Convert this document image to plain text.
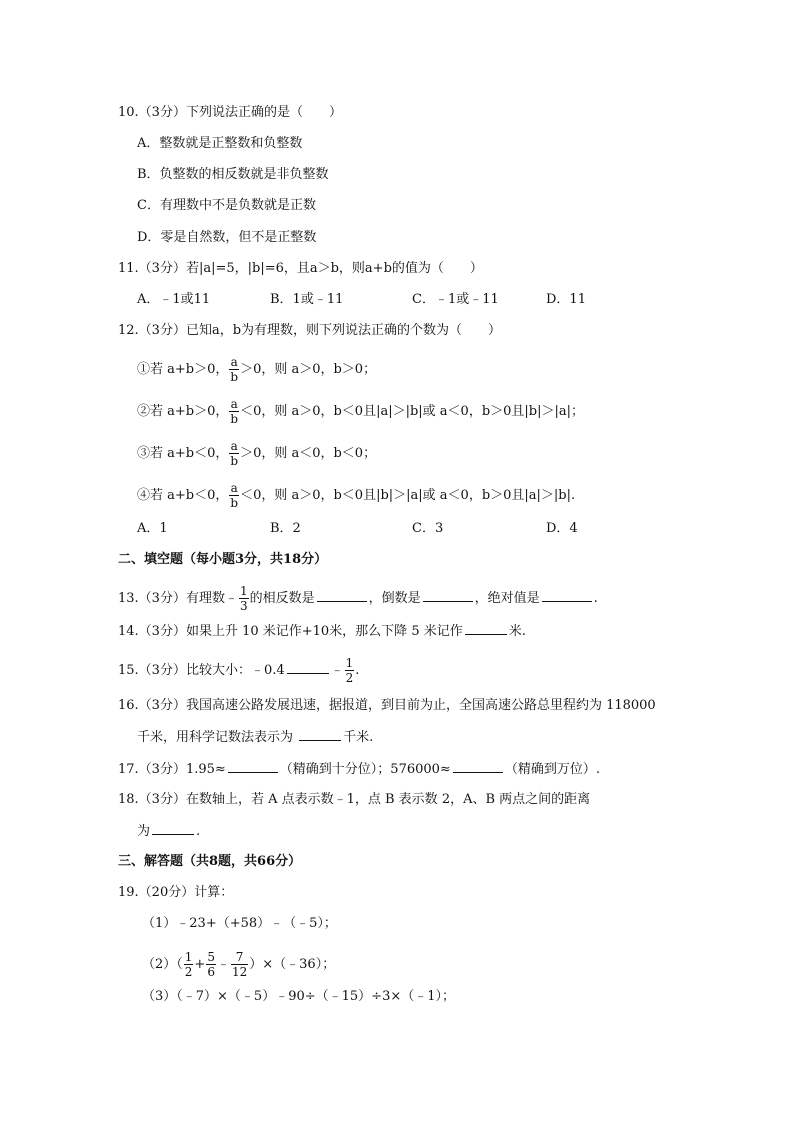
10.（3分）下列说法正确的是（　　）
A．整数就是正整数和负整数
B．负整数的相反数就是非负整数
C．有理数中不是负数就是正数
D．零是自然数，但不是正整数
11.（3分）若|a|=5，|b|=6，且a＞b，则a+b的值为（　　）
A．﹣1或11	B．1或﹣11	C．﹣1或﹣11	D．11
12.（3分）已知a，b为有理数，则下列说法正确的个数为（　　）
①若 a+b＞0， $\frac{a}{b} >0$，则 a＞0，b＞0；
②若 a+b＞0， $\frac{a}{b} <0$，则 a＞0，b＜0且|a|＞|b|或 a＜0，b＞0且|b|＞|a|；
③若 a+b＜0， $\frac{a}{b} >0$，则 a＜0，b＜0；
④若 a+b＜0， $\frac{a}{b} <0$，则 a＞0，b＜0且|b|＞|a|或 a＜0，b＞0且|a|＞|b|.
A．1	B．2	C．3	D．4
二、填空题（每小题3分，共18分）
13.（3分）有理数﹣ $\frac{1}{3}$ 的相反数是	，倒数是	，绝对值是	.
14.（3分）如果上升 10 米记作+10米，那么下降 5 米记作	米.
15.（3分）比较大小：﹣0.4	﹣ $\frac{1}{2}$ .
16.（3分）我国高速公路发展迅速，据报道，到目前为止，全国高速公路总里程约为 118000
千米，用科学记数法表示为	千米.
17.（3分）1.95≈	（精确到十分位）；576000≈	（精确到万位）.
18.（3分）在数轴上，若 A 点表示数﹣1，点 B 表示数 2，A、B 两点之间的距离
为	.
三、解答题（共8题，共66分）
19.（20分）计算：
（1）﹣23+（+58）﹣（﹣5）；
$(2)( \frac{1}{2} + \frac{5}{6}$ ﹣ $\frac{7}{12}$ ）×（﹣36）；
（3）（﹣7）×（﹣5）﹣90÷（﹣15）÷3×（﹣1）；
